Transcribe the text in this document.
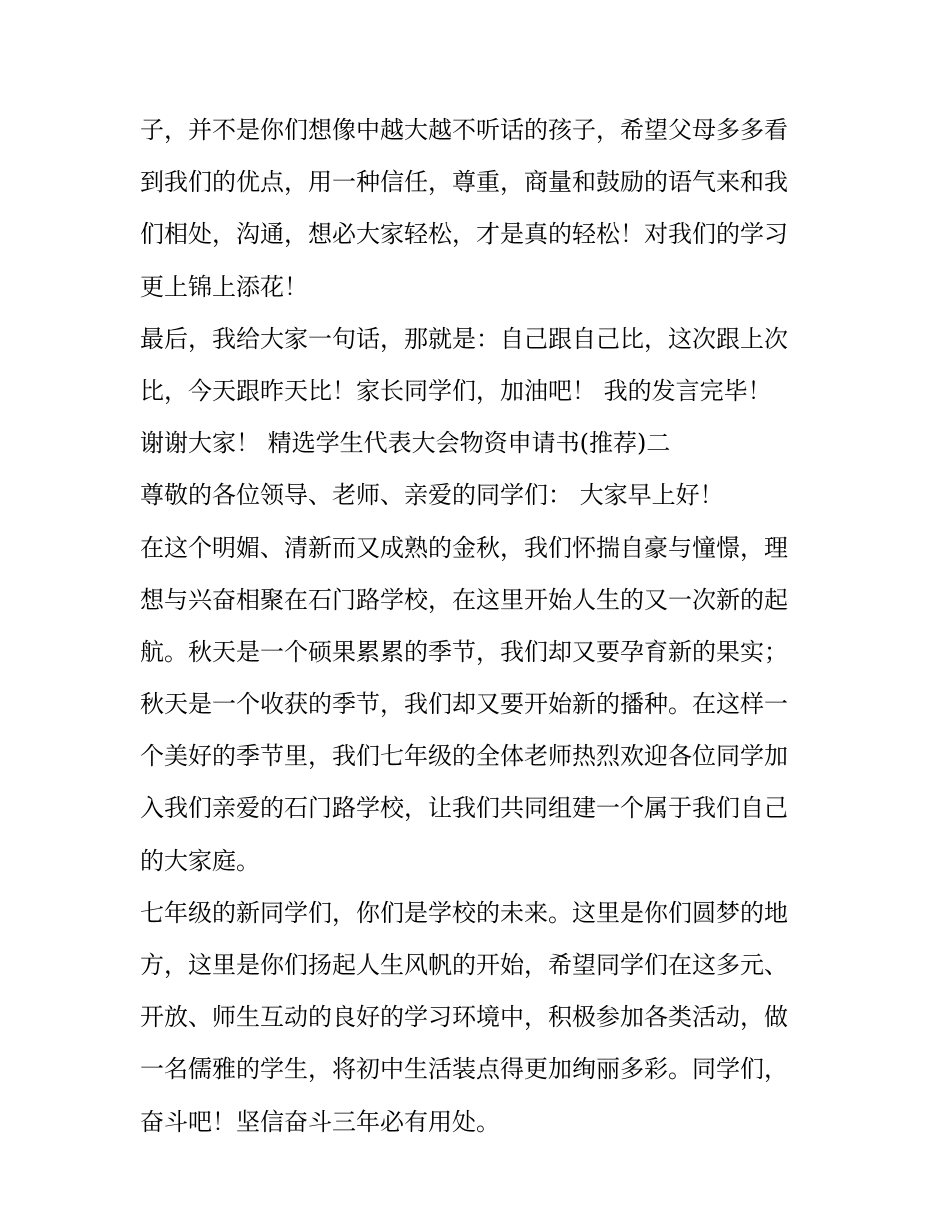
子，并不是你们想像中越大越不听话的孩子，希望父母多多看
到我们的优点，用一种信任，尊重，商量和鼓励的语气来和我
们相处，沟通，想必大家轻松，才是真的轻松！对我们的学习
更上锦上添花！
最后，我给大家一句话，那就是：自己跟自己比，这次跟上次
比，今天跟昨天比！家长同学们，加油吧！ 我的发言完毕！
谢谢大家！ 精选学生代表大会物资申请书(推荐)二
尊敬的各位领导、老师、亲爱的同学们： 大家早上好！
在这个明媚、清新而又成熟的金秋，我们怀揣自豪与憧憬，理
想与兴奋相聚在石门路学校，在这里开始人生的又一次新的起
航。秋天是一个硕果累累的季节，我们却又要孕育新的果实；
秋天是一个收获的季节，我们却又要开始新的播种。在这样一
个美好的季节里，我们七年级的全体老师热烈欢迎各位同学加
入我们亲爱的石门路学校，让我们共同组建一个属于我们自己
的大家庭。
七年级的新同学们，你们是学校的未来。这里是你们圆梦的地
方，这里是你们扬起人生风帆的开始，希望同学们在这多元、
开放、师生互动的良好的学习环境中，积极参加各类活动，做
一名儒雅的学生，将初中生活装点得更加绚丽多彩。同学们，
奋斗吧！坚信奋斗三年必有用处。
